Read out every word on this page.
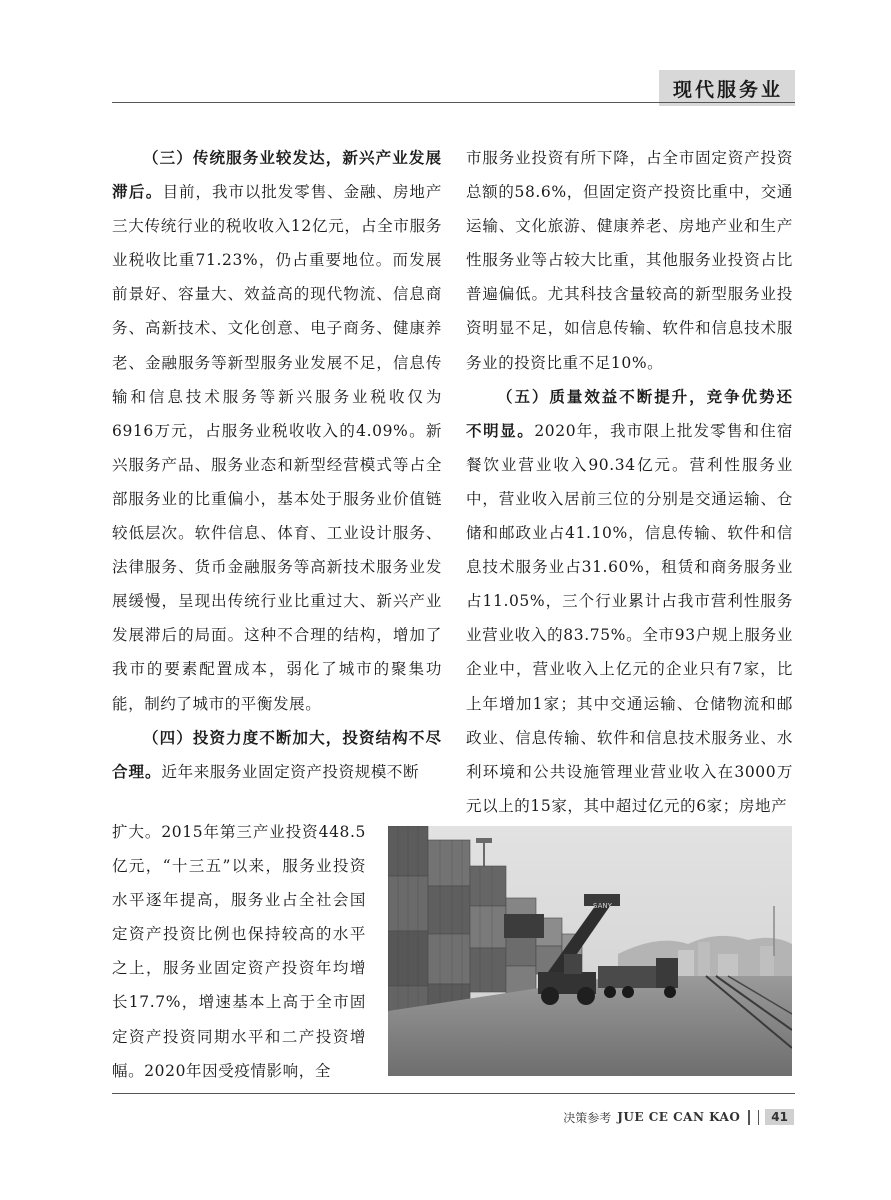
现代服务业

（三）传统服务业较发达，新兴产业发展滞后。目前，我市以批发零售、金融、房地产三大传统行业的税收收入12亿元，占全市服务业税收比重71.23%，仍占重要地位。而发展前景好、容量大、效益高的现代物流、信息商务、高新技术、文化创意、电子商务、健康养老、金融服务等新型服务业发展不足，信息传输和信息技术服务等新兴服务业税收仅为6916万元，占服务业税收收入的4.09%。新兴服务产品、服务业态和新型经营模式等占全部服务业的比重偏小，基本处于服务业价值链较低层次。软件信息、体育、工业设计服务、法律服务、货币金融服务等高新技术服务业发展缓慢，呈现出传统行业比重过大、新兴产业发展滞后的局面。这种不合理的结构，增加了我市的要素配置成本，弱化了城市的聚集功能，制约了城市的平衡发展。

（四）投资力度不断加大，投资结构不尽合理。近年来服务业固定资产投资规模不断

扩大。2015年第三产业投资448.5亿元，“十三五”以来，服务业投资水平逐年提高，服务业占全社会国定资产投资比例也保持较高的水平之上，服务业固定资产投资年均增长17.7%，增速基本上高于全市固定资产投资同期水平和二产投资增幅。2020年因受疫情影响，全

市服务业投资有所下降，占全市固定资产投资总额的58.6%，但固定资产投资比重中，交通运输、文化旅游、健康养老、房地产业和生产性服务业等占较大比重，其他服务业投资占比普遍偏低。尤其科技含量较高的新型服务业投资明显不足，如信息传输、软件和信息技术服务业的投资比重不足10%。

（五）质量效益不断提升，竞争优势还不明显。2020年，我市限上批发零售和住宿餐饮业营业收入90.34亿元。营利性服务业中，营业收入居前三位的分别是交通运输、仓储和邮政业占41.10%，信息传输、软件和信息技术服务业占31.60%，租赁和商务服务业占11.05%，三个行业累计占我市营利性服务业营业收入的83.75%。全市93户规上服务业企业中，营业收入上亿元的企业只有7家，比上年增加1家；其中交通运输、仓储物流和邮政业、信息传输、软件和信息技术服务业、水利环境和公共设施管理业营业收入在3000万元以上的15家，其中超过亿元的6家；房地产

SANY
决策参考 JUE CE CAN KAO	41
